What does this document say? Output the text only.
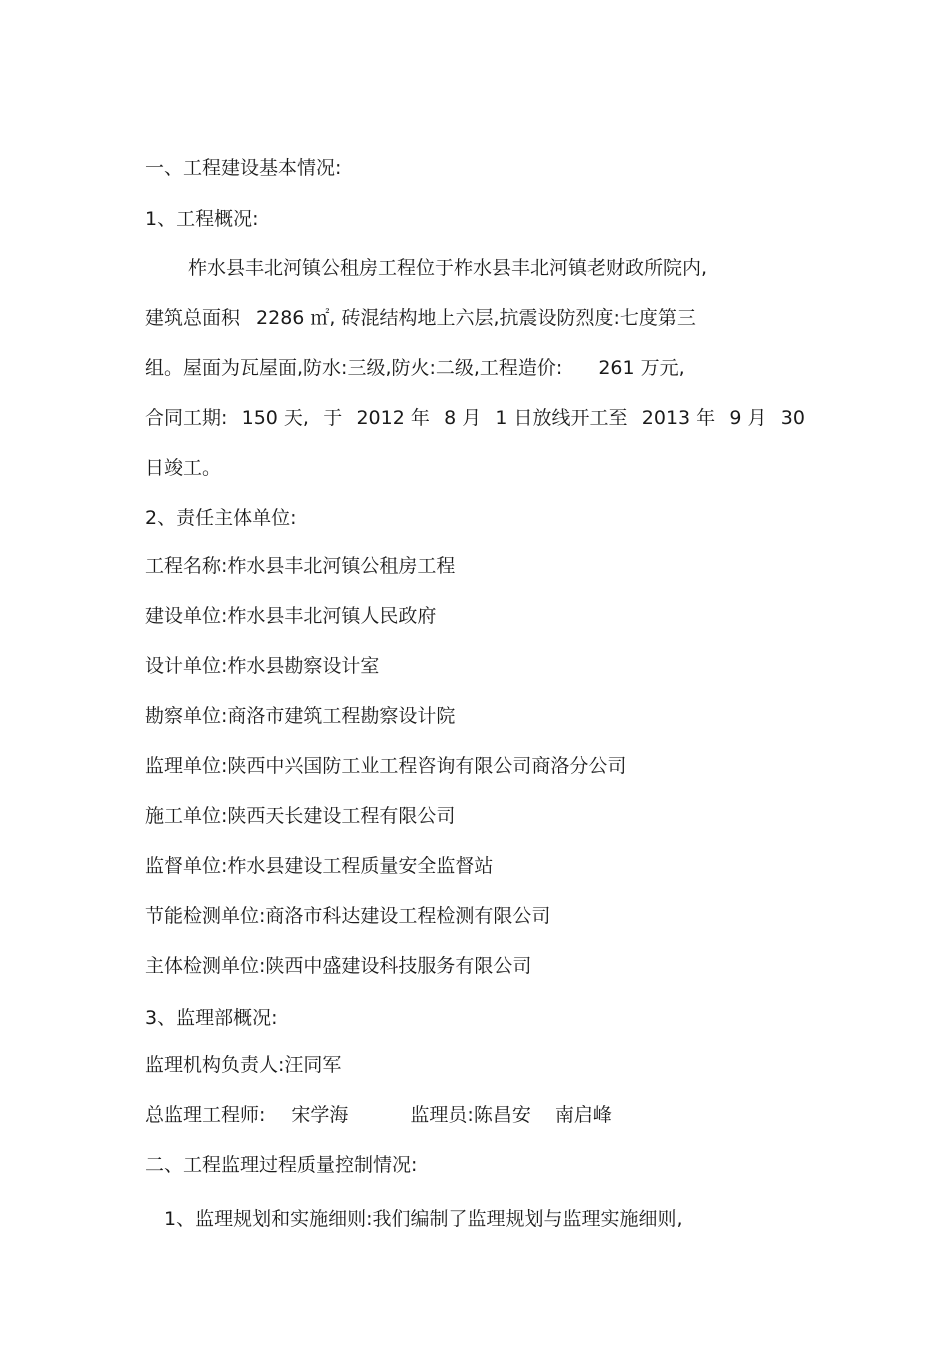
一、工程建设基本情况:
1、工程概况:
柞水县丰北河镇公租房工程位于柞水县丰北河镇老财政所院内,
建筑总面积 2286 ㎡, 砖混结构地上六层,抗震设防烈度:七度第三
组。屋面为瓦屋面,防水:三级,防火:二级,工程造价: 261 万元,
合同工期: 150 天, 于 2012 年 8 月 1 日放线开工至 2013 年 9 月 30
日竣工。
2、责任主体单位:
工程名称:柞水县丰北河镇公租房工程
建设单位:柞水县丰北河镇人民政府
设计单位:柞水县勘察设计室
勘察单位:商洛市建筑工程勘察设计院
监理单位:陕西中兴国防工业工程咨询有限公司商洛分公司
施工单位:陕西天长建设工程有限公司
监督单位:柞水县建设工程质量安全监督站
节能检测单位:商洛市科达建设工程检测有限公司
主体检测单位:陕西中盛建设科技服务有限公司
3、监理部概况:
监理机构负责人:汪同军
总监理工程师: 宋学海	监理员:陈昌安 南启峰
二、工程监理过程质量控制情况:
1、监理规划和实施细则:我们编制了监理规划与监理实施细则,
